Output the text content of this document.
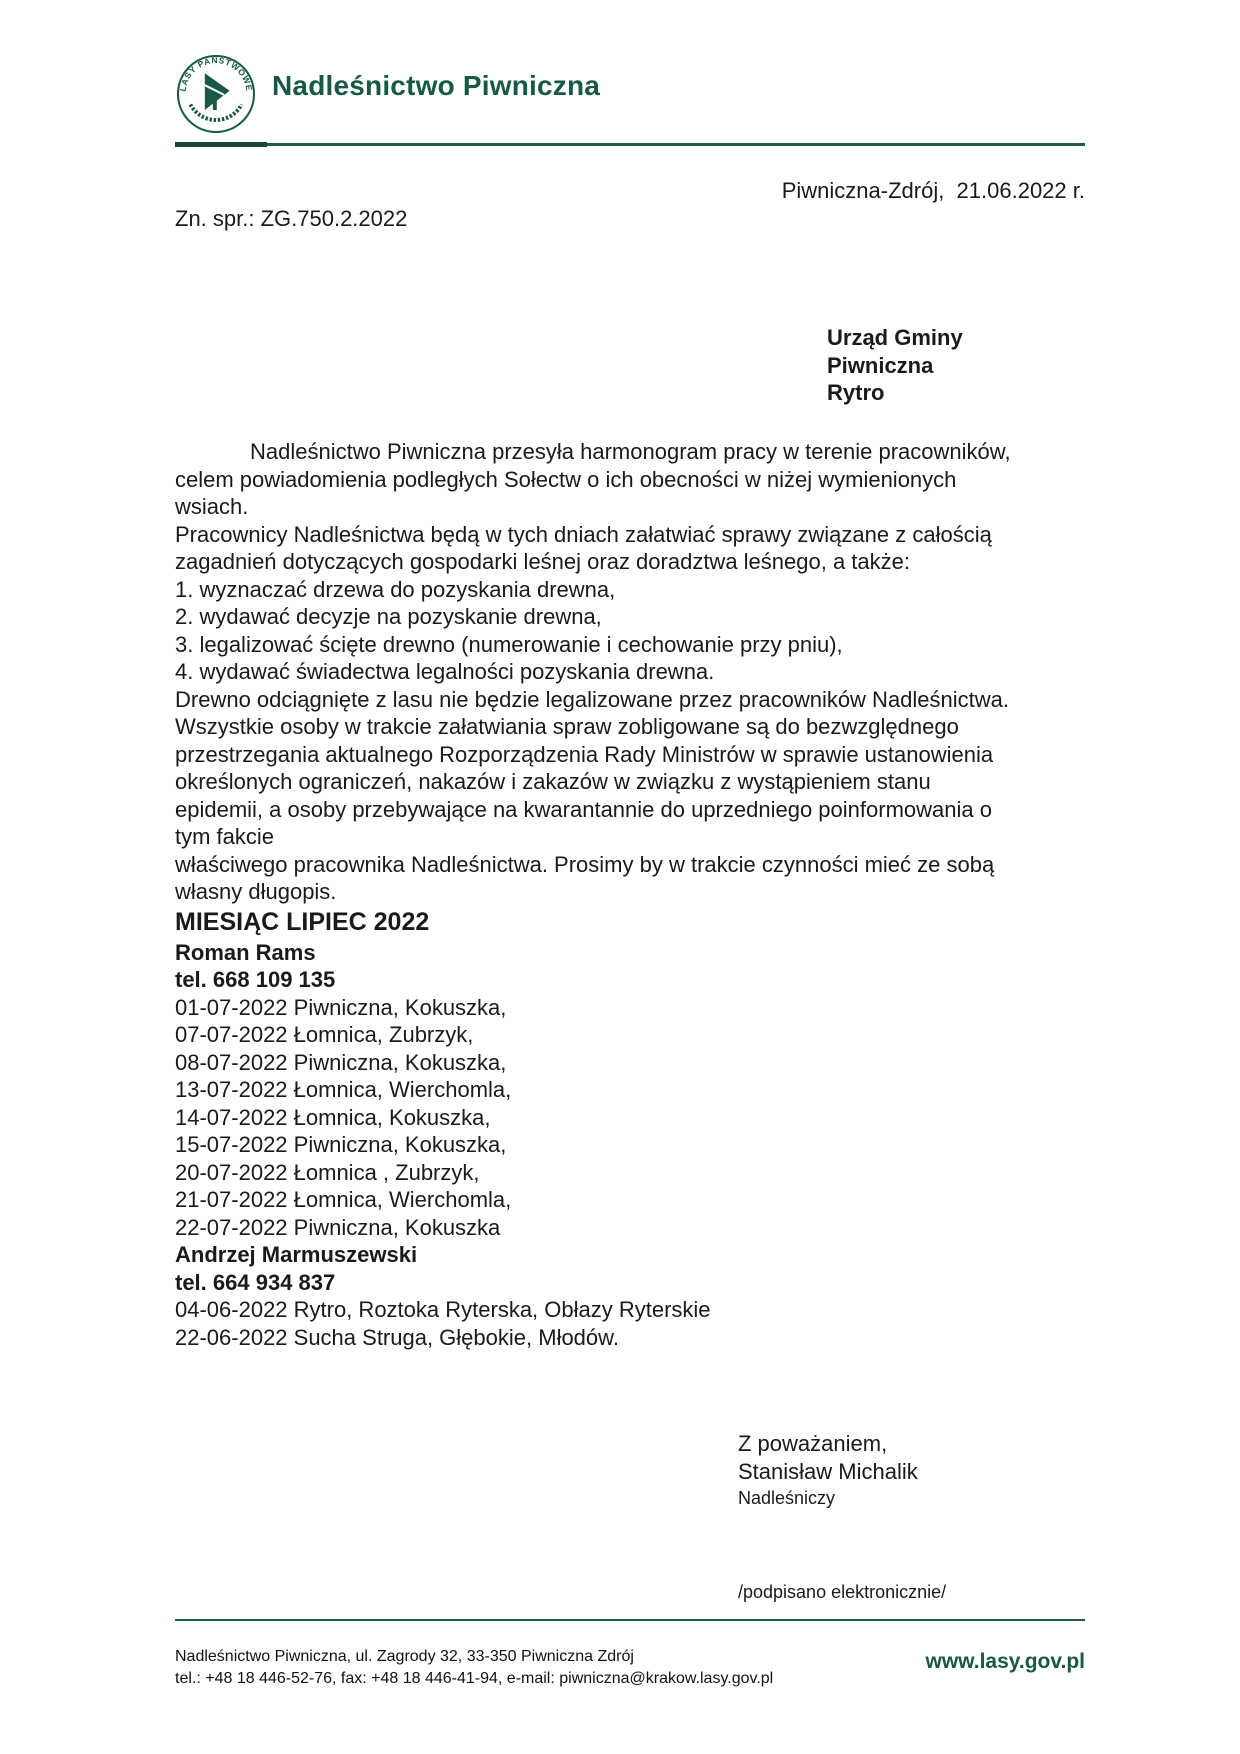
LASY PAŃSTWOWE Nadleśnictwo Piwniczna
Piwniczna-Zdrój,  21.06.2022 r.
Zn. spr.: ZG.750.2.2022
Urząd Gminy
Piwniczna
Rytro
Nadleśnictwo Piwniczna przesyła harmonogram pracy w terenie pracowników,
celem powiadomienia podległych Sołectw o ich obecności w niżej wymienionych
wsiach.
Pracownicy Nadleśnictwa będą w tych dniach załatwiać sprawy związane z całością
zagadnień dotyczących gospodarki leśnej oraz doradztwa leśnego, a także:
1. wyznaczać drzewa do pozyskania drewna,
2. wydawać decyzje na pozyskanie drewna,
3. legalizować ścięte drewno (numerowanie i cechowanie przy pniu),
4. wydawać świadectwa legalności pozyskania drewna.
Drewno odciągnięte z lasu nie będzie legalizowane przez pracowników Nadleśnictwa.
Wszystkie osoby w trakcie załatwiania spraw zobligowane są do bezwzględnego
przestrzegania aktualnego Rozporządzenia Rady Ministrów w sprawie ustanowienia
określonych ograniczeń, nakazów i zakazów w związku z wystąpieniem stanu
epidemii, a osoby przebywające na kwarantannie do uprzedniego poinformowania o
tym fakcie
właściwego pracownika Nadleśnictwa. Prosimy by w trakcie czynności mieć ze sobą
własny długopis.
MIESIĄC LIPIEC 2022
Roman Rams
tel. 668 109 135
01-07-2022 Piwniczna, Kokuszka,
07-07-2022 Łomnica, Zubrzyk,
08-07-2022 Piwniczna, Kokuszka,
13-07-2022 Łomnica, Wierchomla,
14-07-2022 Łomnica, Kokuszka,
15-07-2022 Piwniczna, Kokuszka,
20-07-2022 Łomnica , Zubrzyk,
21-07-2022 Łomnica, Wierchomla,
22-07-2022 Piwniczna, Kokuszka
Andrzej Marmuszewski
tel. 664 934 837
04-06-2022 Rytro, Roztoka Ryterska, Obłazy Ryterskie
22-06-2022 Sucha Struga, Głębokie, Młodów.
Z poważaniem,
Stanisław Michalik
Nadleśniczy
/podpisano elektronicznie/
Nadleśnictwo Piwniczna, ul. Zagrody 32, 33-350 Piwniczna Zdrój
tel.: +48 18 446-52-76, fax: +48 18 446-41-94, e-mail: piwniczna@krakow.lasy.gov.pl
www.lasy.gov.pl
